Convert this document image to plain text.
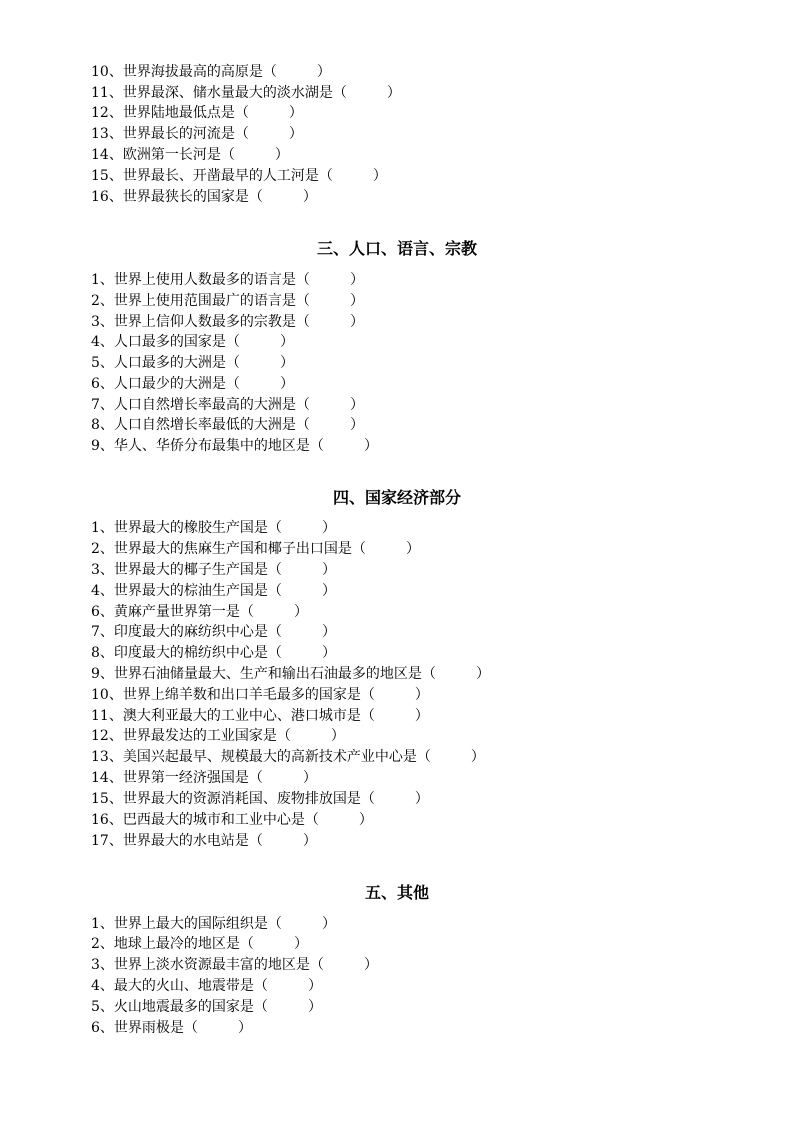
10、世界海拔最高的高原是（         ）
11、世界最深、储水量最大的淡水湖是（         ）
12、世界陆地最低点是（         ）
13、世界最长的河流是（         ）
14、欧洲第一长河是（         ）
15、世界最长、开凿最早的人工河是（         ）
16、世界最狭长的国家是（         ）
三、人口、语言、宗教
1、世界上使用人数最多的语言是（         ）
2、世界上使用范围最广的语言是（         ）
3、世界上信仰人数最多的宗教是（         ）
4、人口最多的国家是（         ）
5、人口最多的大洲是（         ）
6、人口最少的大洲是（         ）
7、人口自然增长率最高的大洲是（         ）
8、人口自然增长率最低的大洲是（         ）
9、华人、华侨分布最集中的地区是（         ）
四、国家经济部分
1、世界最大的橡胶生产国是（         ）
2、世界最大的焦麻生产国和椰子出口国是（         ）
3、世界最大的椰子生产国是（         ）
4、世界最大的棕油生产国是（         ）
6、黄麻产量世界第一是（         ）
7、印度最大的麻纺织中心是（         ）
8、印度最大的棉纺织中心是（         ）
9、世界石油储量最大、生产和输出石油最多的地区是（         ）
10、世界上绵羊数和出口羊毛最多的国家是（         ）
11、澳大利亚最大的工业中心、港口城市是（         ）
12、世界最发达的工业国家是（         ）
13、美国兴起最早、规模最大的高新技术产业中心是（         ）
14、世界第一经济强国是（         ）
15、世界最大的资源消耗国、废物排放国是（         ）
16、巴西最大的城市和工业中心是（         ）
17、世界最大的水电站是（         ）
五、其他
1、世界上最大的国际组织是（         ）
2、地球上最冷的地区是（         ）
3、世界上淡水资源最丰富的地区是（         ）
4、最大的火山、地震带是（         ）
5、火山地震最多的国家是（         ）
6、世界雨极是（         ）
